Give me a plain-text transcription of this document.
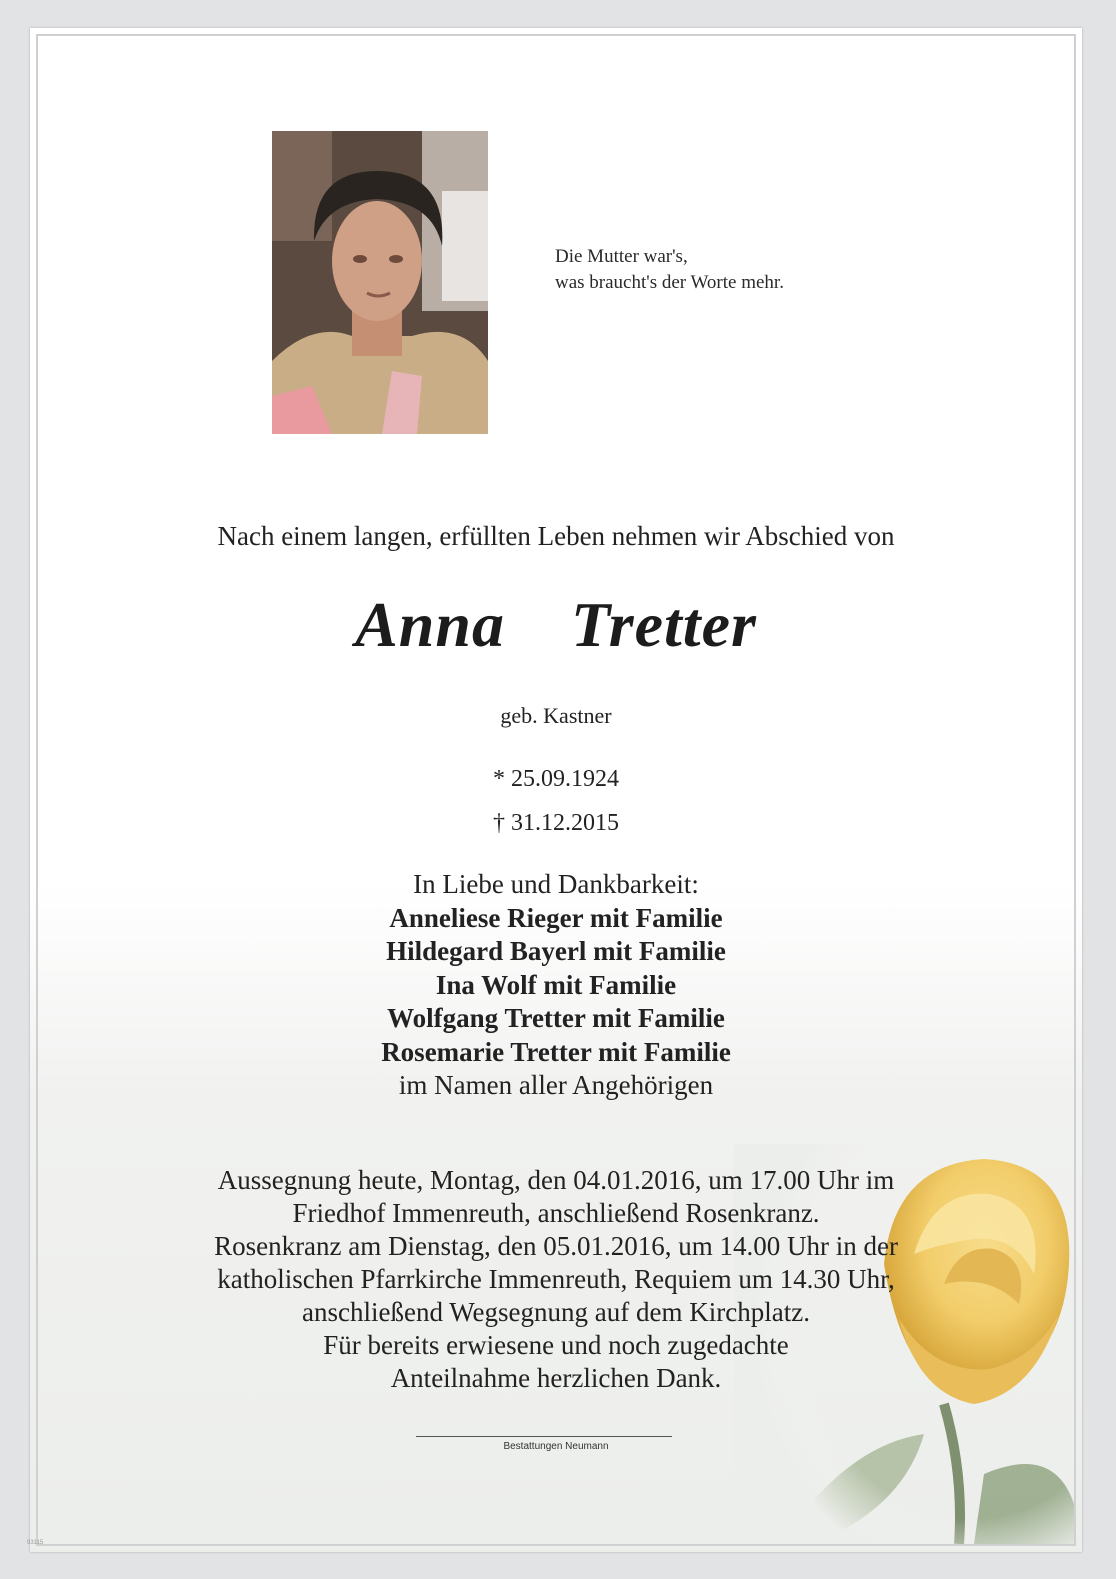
Die Mutter war's,
was braucht's der Worte mehr.
Nach einem langen, erfüllten Leben nehmen wir Abschied von
Anna  Tretter
geb. Kastner
* 25.09.1924
† 31.12.2015
In Liebe und Dankbarkeit:
Anneliese Rieger mit Familie
Hildegard Bayerl mit Familie
Ina Wolf mit Familie
Wolfgang Tretter mit Familie
Rosemarie Tretter mit Familie
im Namen aller Angehörigen
Aussegnung heute, Montag, den 04.01.2016, um 17.00 Uhr im
Friedhof Immenreuth, anschließend Rosenkranz.
Rosenkranz am Dienstag, den 05.01.2016, um 14.00 Uhr in der
katholischen Pfarrkirche Immenreuth, Requiem um 14.30 Uhr,
anschließend Wegsegnung auf dem Kirchplatz.
Für bereits erwiesene und noch zugedachte
Anteilnahme herzlichen Dank.
Bestattungen Neumann
93115
